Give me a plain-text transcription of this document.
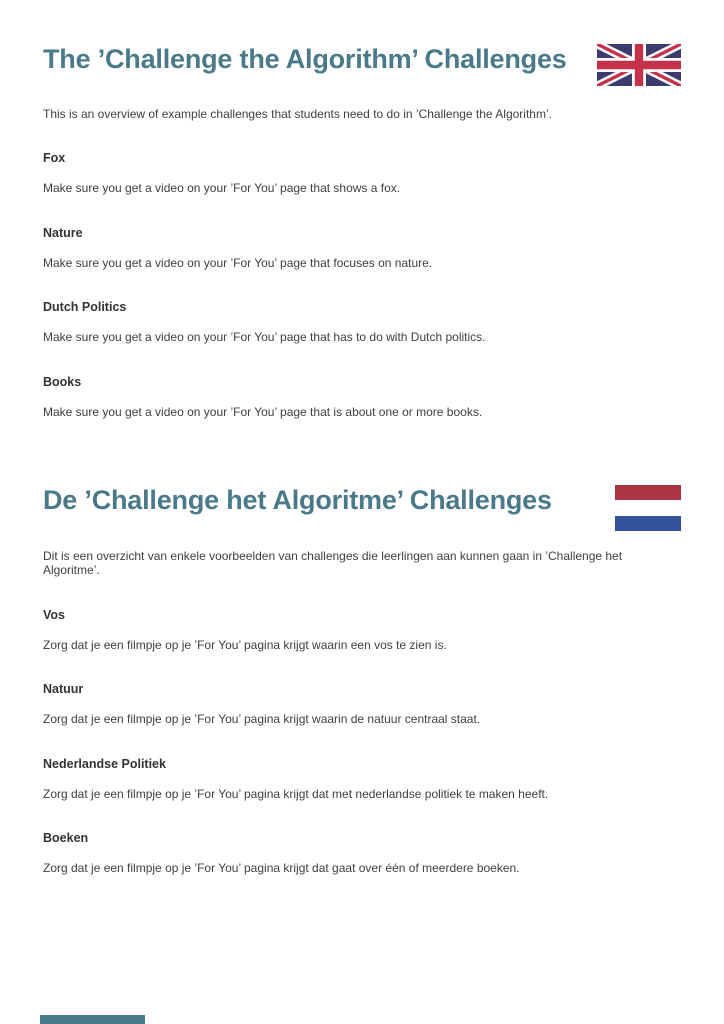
The ’Challenge the Algorithm’ Challenges

This is an overview of example challenges that students need to do in ’Challenge the Algorithm’.

Fox

Make sure you get a video on your ’For You’ page that shows a fox.

Nature

Make sure you get a video on your ’For You’ page that focuses on nature.

Dutch Politics

Make sure you get a video on your ’For You’ page that has to do with Dutch politics.

Books

Make sure you get a video on your ’For You’ page that is about one or more books.

De ’Challenge het Algoritme’ Challenges

Dit is een overzicht van enkele voorbeelden van challenges die leerlingen aan kunnen gaan in ’Challenge het Algoritme’.

Vos

Zorg dat je een filmpje op je ’For You’ pagina krijgt waarin een vos te zien is.

Natuur

Zorg dat je een filmpje op je ’For You’ pagina krijgt waarin de natuur centraal staat.

Nederlandse Politiek

Zorg dat je een filmpje op je ’For You’ pagina krijgt dat met nederlandse politiek te maken heeft.

Boeken

Zorg dat je een filmpje op je ’For You’ pagina krijgt dat gaat over één of meerdere boeken.
